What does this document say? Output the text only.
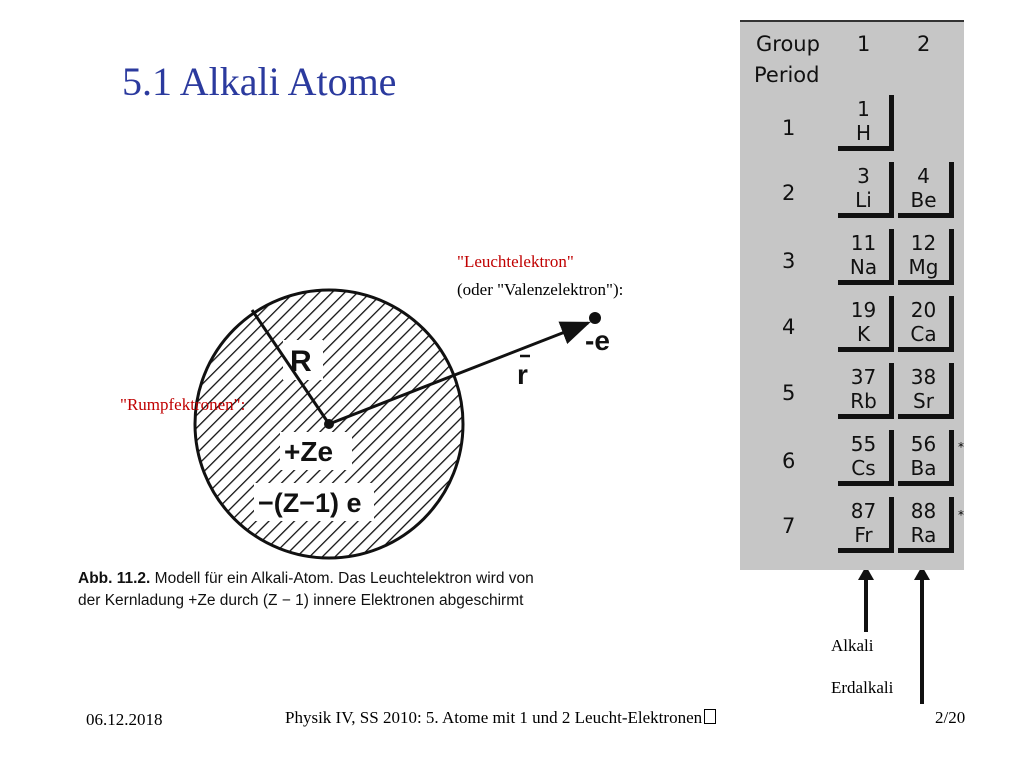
5.1 Alkali Atome
R
+Ze
−(Z−1) e
r
-e
"Leuchtelektron"
(oder "Valenzelektron"):
"Rumpfektronen":
Abb. 11.2. Modell für ein Alkali-Atom. Das Leuchtelektron wird von
der Kernladung +Ze durch (Z − 1) innere Elektronen abgeschirmt
Group
Period
1 2
1
2
3
4
5
6
7
1
H
3
Li
11
Na
19
K
37
Rb
55
Cs
87
Fr
4
Be
12
Mg
20
Ca
38
Sr
56
Ba
88
Ra
*
*
Alkali
Erdalkali
06.12.2018	Physik IV, SS 2010: 5. Atome mit 1 und 2 Leucht-Elektronen	2/20
